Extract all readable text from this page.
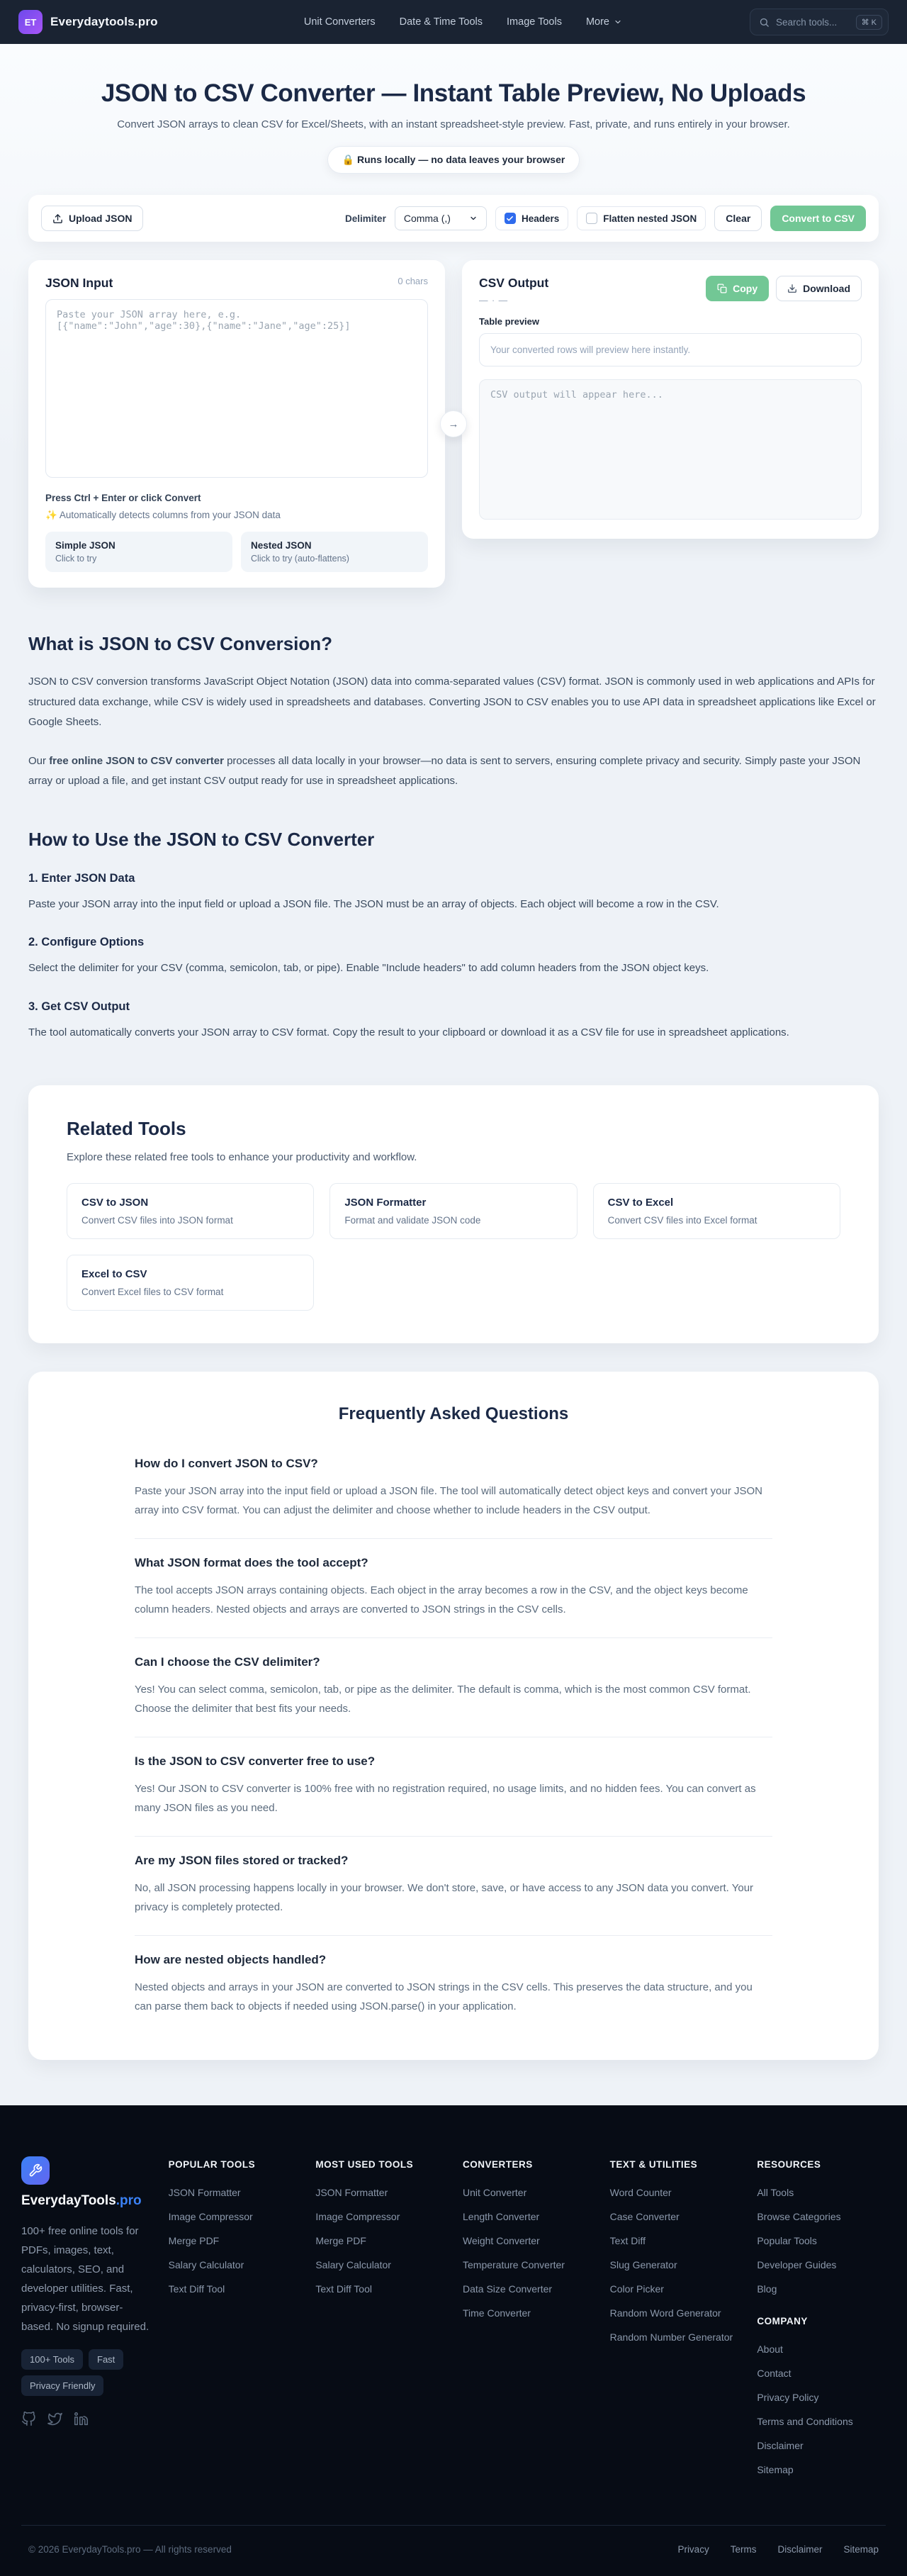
ET Everydaytools.pro	Unit Converters Date & Time Tools Image Tools More	Search tools...	⌘ K
JSON to CSV Converter — Instant Table Preview, No Uploads
Convert JSON arrays to clean CSV for Excel/Sheets, with an instant spreadsheet-style preview. Fast, private, and runs entirely in your browser.
🔒 Runs locally — no data leaves your browser
Upload JSON	Delimiter Comma (,)	Headers	Flatten nested JSON	Clear	Convert to CSV
JSON Input	0 chars
Paste your JSON array here, e.g. [{"name":"John","age":30},{"name":"Jane","age":25}]
Press Ctrl + Enter or click Convert
✨ Automatically detects columns from your JSON data
Simple JSON
Click to try
Nested JSON
Click to try (auto-flattens)
→
CSV Output
— · —
Copy	Download
Table preview
Your converted rows will preview here instantly.
CSV output will appear here...
What is JSON to CSV Conversion?

JSON to CSV conversion transforms JavaScript Object Notation (JSON) data into comma-separated values (CSV) format. JSON is commonly used in web applications and APIs for structured data exchange, while CSV is widely used in spreadsheets and databases. Converting JSON to CSV enables you to use API data in spreadsheet applications like Excel or Google Sheets.

Our free online JSON to CSV converter processes all data locally in your browser—no data is sent to servers, ensuring complete privacy and security. Simply paste your JSON array or upload a file, and get instant CSV output ready for use in spreadsheet applications.

How to Use the JSON to CSV Converter
1. Enter JSON Data

Paste your JSON array into the input field or upload a JSON file. The JSON must be an array of objects. Each object will become a row in the CSV.

2. Configure Options

Select the delimiter for your CSV (comma, semicolon, tab, or pipe). Enable "Include headers" to add column headers from the JSON object keys.

3. Get CSV Output

The tool automatically converts your JSON array to CSV format. Copy the result to your clipboard or download it as a CSV file for use in spreadsheet applications.

Related Tools
Explore these related free tools to enhance your productivity and workflow.
CSV to JSON
Convert CSV files into JSON format
JSON Formatter
Format and validate JSON code
CSV to Excel
Convert CSV files into Excel format
Excel to CSV
Convert Excel files to CSV format
Frequently Asked Questions
How do I convert JSON to CSV?
Paste your JSON array into the input field or upload a JSON file. The tool will automatically detect object keys and convert your JSON array into CSV format. You can adjust the delimiter and choose whether to include headers in the CSV output.
What JSON format does the tool accept?
The tool accepts JSON arrays containing objects. Each object in the array becomes a row in the CSV, and the object keys become column headers. Nested objects and arrays are converted to JSON strings in the CSV cells.
Can I choose the CSV delimiter?
Yes! You can select comma, semicolon, tab, or pipe as the delimiter. The default is comma, which is the most common CSV format. Choose the delimiter that best fits your needs.
Is the JSON to CSV converter free to use?
Yes! Our JSON to CSV converter is 100% free with no registration required, no usage limits, and no hidden fees. You can convert as many JSON files as you need.
Are my JSON files stored or tracked?
No, all JSON processing happens locally in your browser. We don't store, save, or have access to any JSON data you convert. Your privacy is completely protected.
How are nested objects handled?
Nested objects and arrays in your JSON are converted to JSON strings in the CSV cells. This preserves the data structure, and you can parse them back to objects if needed using JSON.parse() in your application.
EverydayTools.pro
100+ free online tools for PDFs, images, text, calculators, SEO, and developer utilities. Fast, privacy-first, browser-based. No signup required.
100+ Tools	Fast
Privacy Friendly
POPULAR TOOLS
JSON Formatter
Image Compressor
Merge PDF
Salary Calculator
Text Diff Tool
MOST USED TOOLS
JSON Formatter
Image Compressor
Merge PDF
Salary Calculator
Text Diff Tool
CONVERTERS
Unit Converter
Length Converter
Weight Converter
Temperature Converter
Data Size Converter
Time Converter
TEXT & UTILITIES
Word Counter
Case Converter
Text Diff
Slug Generator
Color Picker
Random Word Generator
Random Number Generator
RESOURCES
All Tools
Browse Categories
Popular Tools
Developer Guides
Blog
COMPANY
About
Contact
Privacy Policy
Terms and Conditions
Disclaimer
Sitemap
© 2026 EverydayTools.pro — All rights reserved	Privacy Terms Disclaimer Sitemap
